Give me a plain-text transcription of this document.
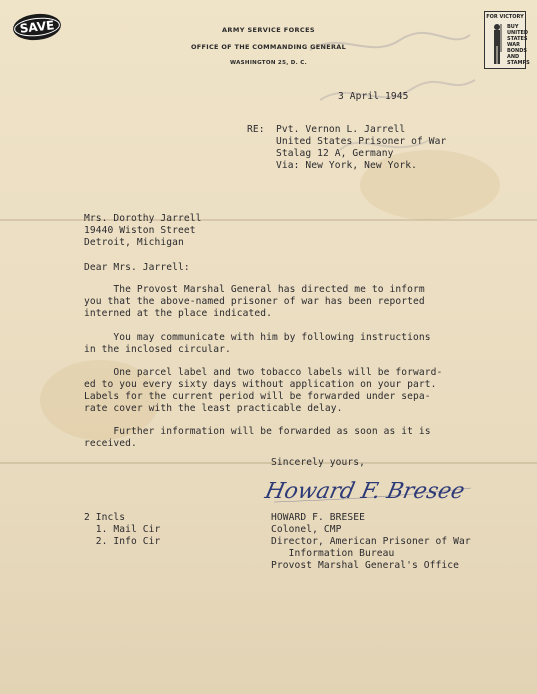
SAVE	ARMY SERVICE FORCES
OFFICE OF THE COMMANDING GENERAL
WASHINGTON 25, D. C.
FOR VICTORY
BUY
UNITED
STATES
WAR
BONDS
AND
STAMPS
3 April 1945
RE: Pvt. Vernon L. Jarrell
United States Prisoner of War
Stalag 12 A, Germany
Via: New York, New York.
Mrs. Dorothy Jarrell
19440 Wiston Street
Detroit, Michigan
Dear Mrs. Jarrell:
The Provost Marshal General has directed me to inform
you that the above-named prisoner of war has been reported
interned at the place indicated.
You may communicate with him by following instructions
in the inclosed circular.
One parcel label and two tobacco labels will be forward-
ed to you every sixty days without application on your part.
Labels for the current period will be forwarded under sepa-
rate cover with the least practicable delay.
Further information will be forwarded as soon as it is
received.
Sincerely yours,
Howard F. Bresee
2 Incls
1. Mail Cir
2. Info Cir
HOWARD F. BRESEE
Colonel, CMP
Director, American Prisoner of War
Information Bureau
Provost Marshal General's Office
